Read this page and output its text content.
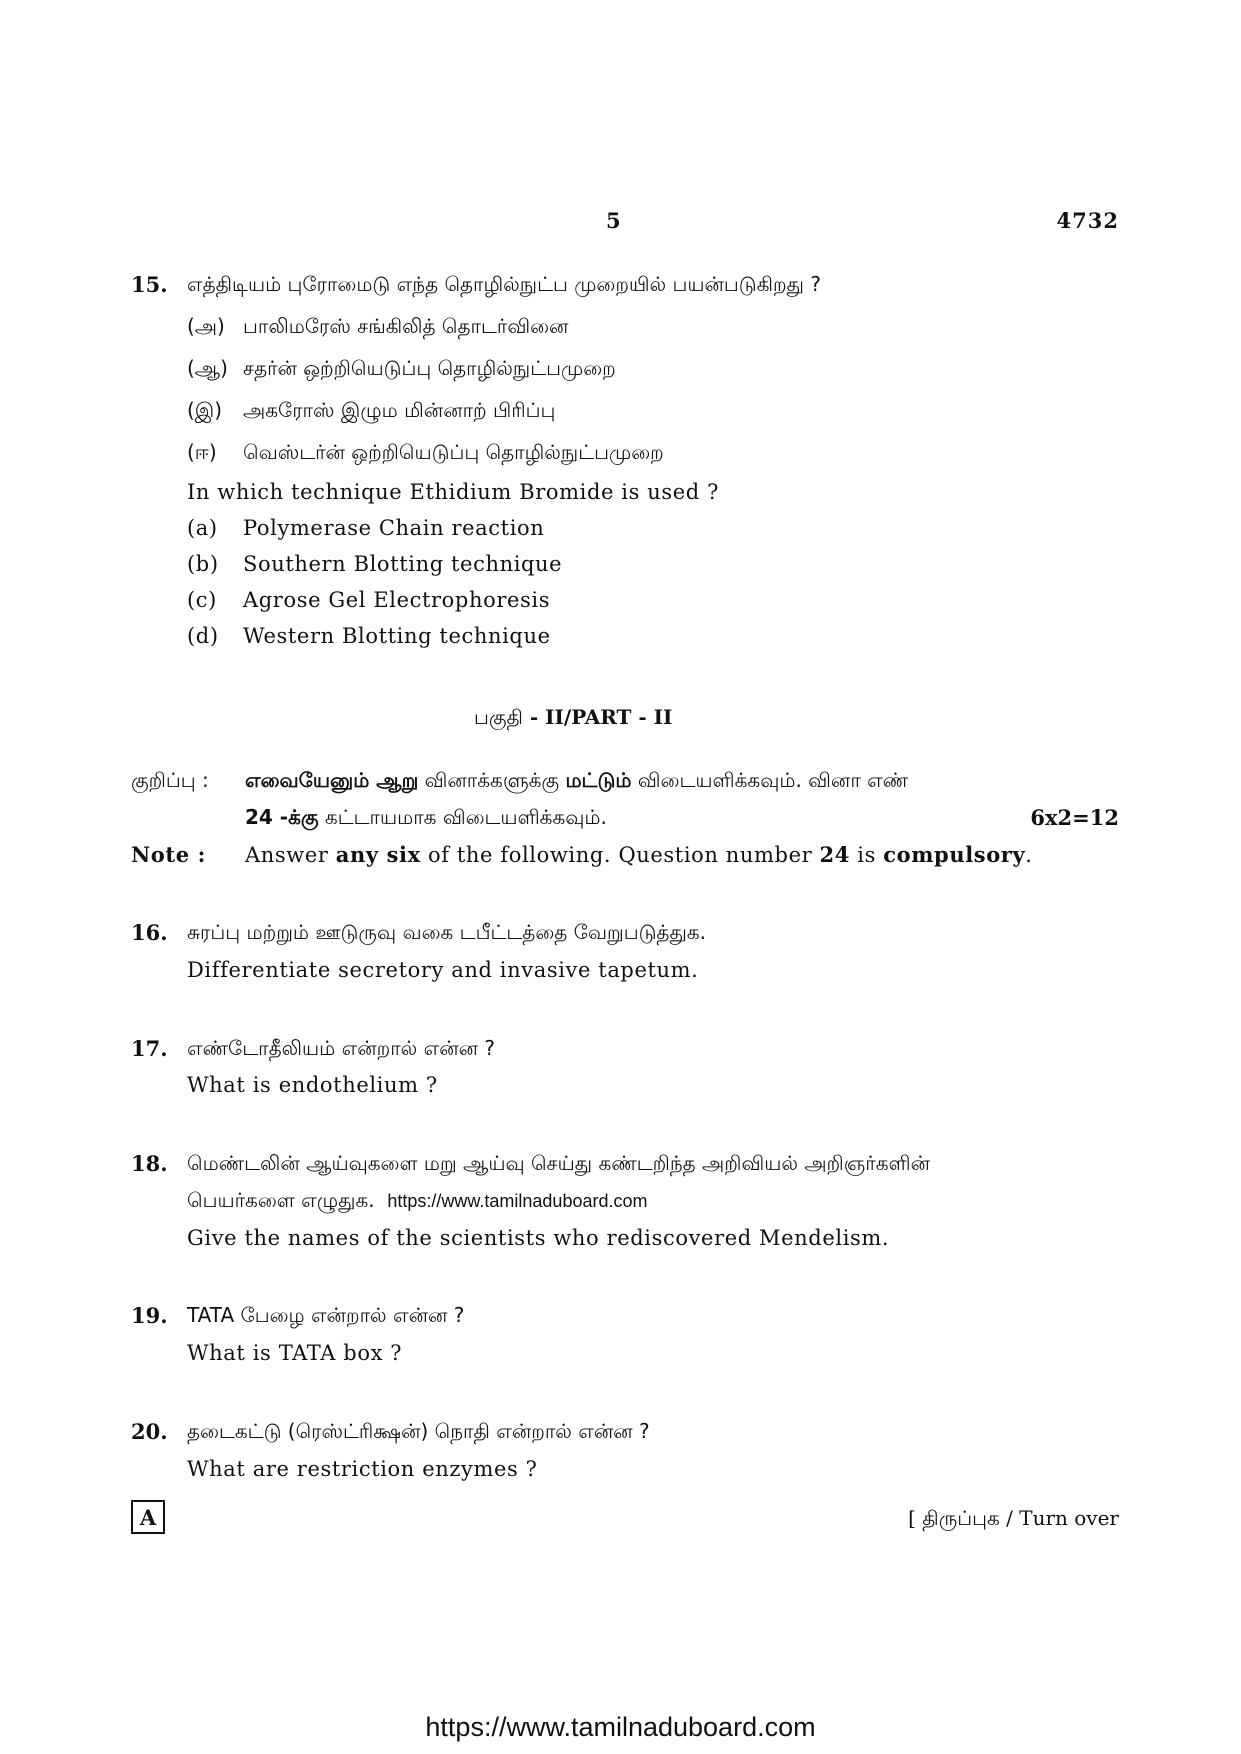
5	4732
15. எத்திடியம் புரோமைடு எந்த தொழில்நுட்ப முறையில் பயன்படுகிறது ?
(அ) பாலிமரேஸ் சங்கிலித் தொடர்வினை
(ஆ) சதர்ன் ஒற்றியெடுப்பு தொழில்நுட்பமுறை
(இ) அகரோஸ் இழும மின்னாற் பிரிப்பு
(ஈ) வெஸ்டர்ன் ஒற்றியெடுப்பு தொழில்நுட்பமுறை
In which technique Ethidium Bromide is used ?
(a) Polymerase Chain reaction
(b) Southern Blotting technique
(c) Agrose Gel Electrophoresis
(d) Western Blotting technique
பகுதி - II/PART - II
குறிப்பு : எவையேனும் ஆறு வினாக்களுக்கு மட்டும் விடையளிக்கவும். வினா எண்
24 -க்கு கட்டாயமாக விடையளிக்கவும்.	6x2=12
Note : Answer any six of the following. Question number 24 is compulsory.
16. சுரப்பு மற்றும் ஊடுருவு வகை டபீட்டத்தை வேறுபடுத்துக.
Differentiate secretory and invasive tapetum.
17. எண்டோதீலியம் என்றால் என்ன ?
What is endothelium ?
18. மெண்டலின் ஆய்வுகளை மறு ஆய்வு செய்து கண்டறிந்த அறிவியல் அறிஞர்களின்
பெயர்களை எழுதுக. https://www.tamilnaduboard.com
Give the names of the scientists who rediscovered Mendelism.
19. TATA பேழை என்றால் என்ன ?
What is TATA box ?
20. தடைகட்டு (ரெஸ்ட்ரிக்ஷன்) நொதி என்றால் என்ன ?
What are restriction enzymes ?
A	[ திருப்புக / Turn over
https://www.tamilnaduboard.com
